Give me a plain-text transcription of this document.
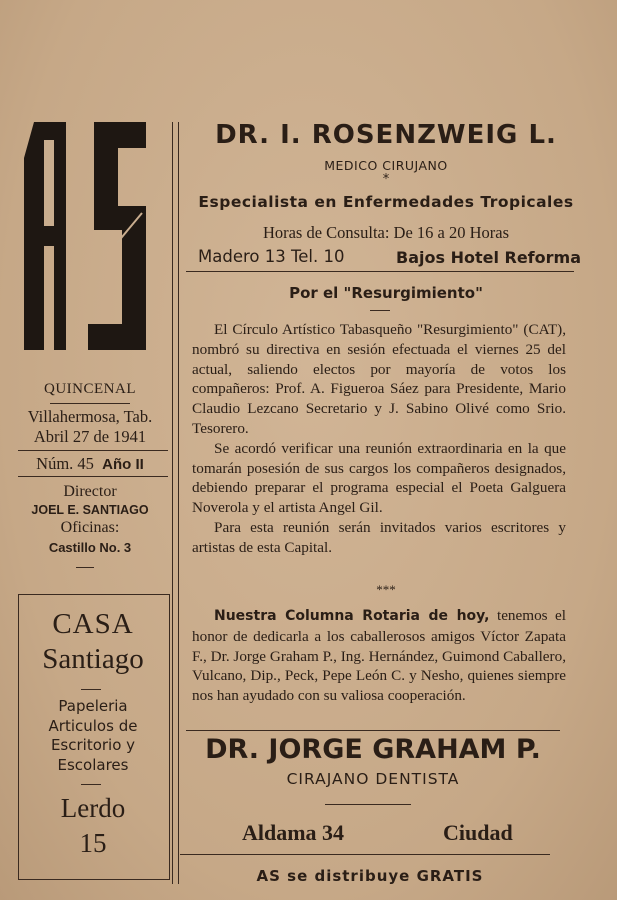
QUINCENAL
Villahermosa, Tab.
Abril 27 de 1941
Núm. 45 Año II
Director
JOEL E. SANTIAGO
Oficinas:
Castillo No. 3
CASA
Santiago
Papeleria
Articulos de
Escritorio y
Escolares
Lerdo
15
DR. I. ROSENZWEIG L.
MEDICO CIRUJANO
*
Especialista en Enfermedades Tropicales
Horas de Consulta: De 16 a 20 Horas
Madero 13 Tel. 10	Bajos Hotel Reforma
Por el "Resurgimiento"

El Círculo Artístico Tabasqueño "Resurgimiento" (CAT), nombró su directiva en sesión efectuada el viernes 25 del actual, saliendo electos por mayoría de votos los compañeros: Prof. A. Figueroa Sáez para Presidente, Mario Claudio Lezcano Secretario y J. Sabino Olivé como Srio. Tesorero.

Se acordó verificar una reunión extraordinaria en la que tomarán posesión de sus cargos los compañeros designados, debiendo preparar el programa especial el Poeta Galguera Noverola y el artista Angel Gil.

Para esta reunión serán invitados varios escritores y artistas de esta Capital.

***

Nuestra Columna Rotaria de hoy, tenemos el honor de dedicarla a los caballerosos amigos Víctor Zapata F., Dr. Jorge Graham P., Ing. Hernández, Guimond Caballero, Vulcano, Dip., Peck, Pepe León C. y Nesho, quienes siempre nos han ayudado con su valiosa cooperación.

DR. JORGE GRAHAM P.
CIRAJANO DENTISTA
Aldama 34	Ciudad
AS se distribuye GRATIS
